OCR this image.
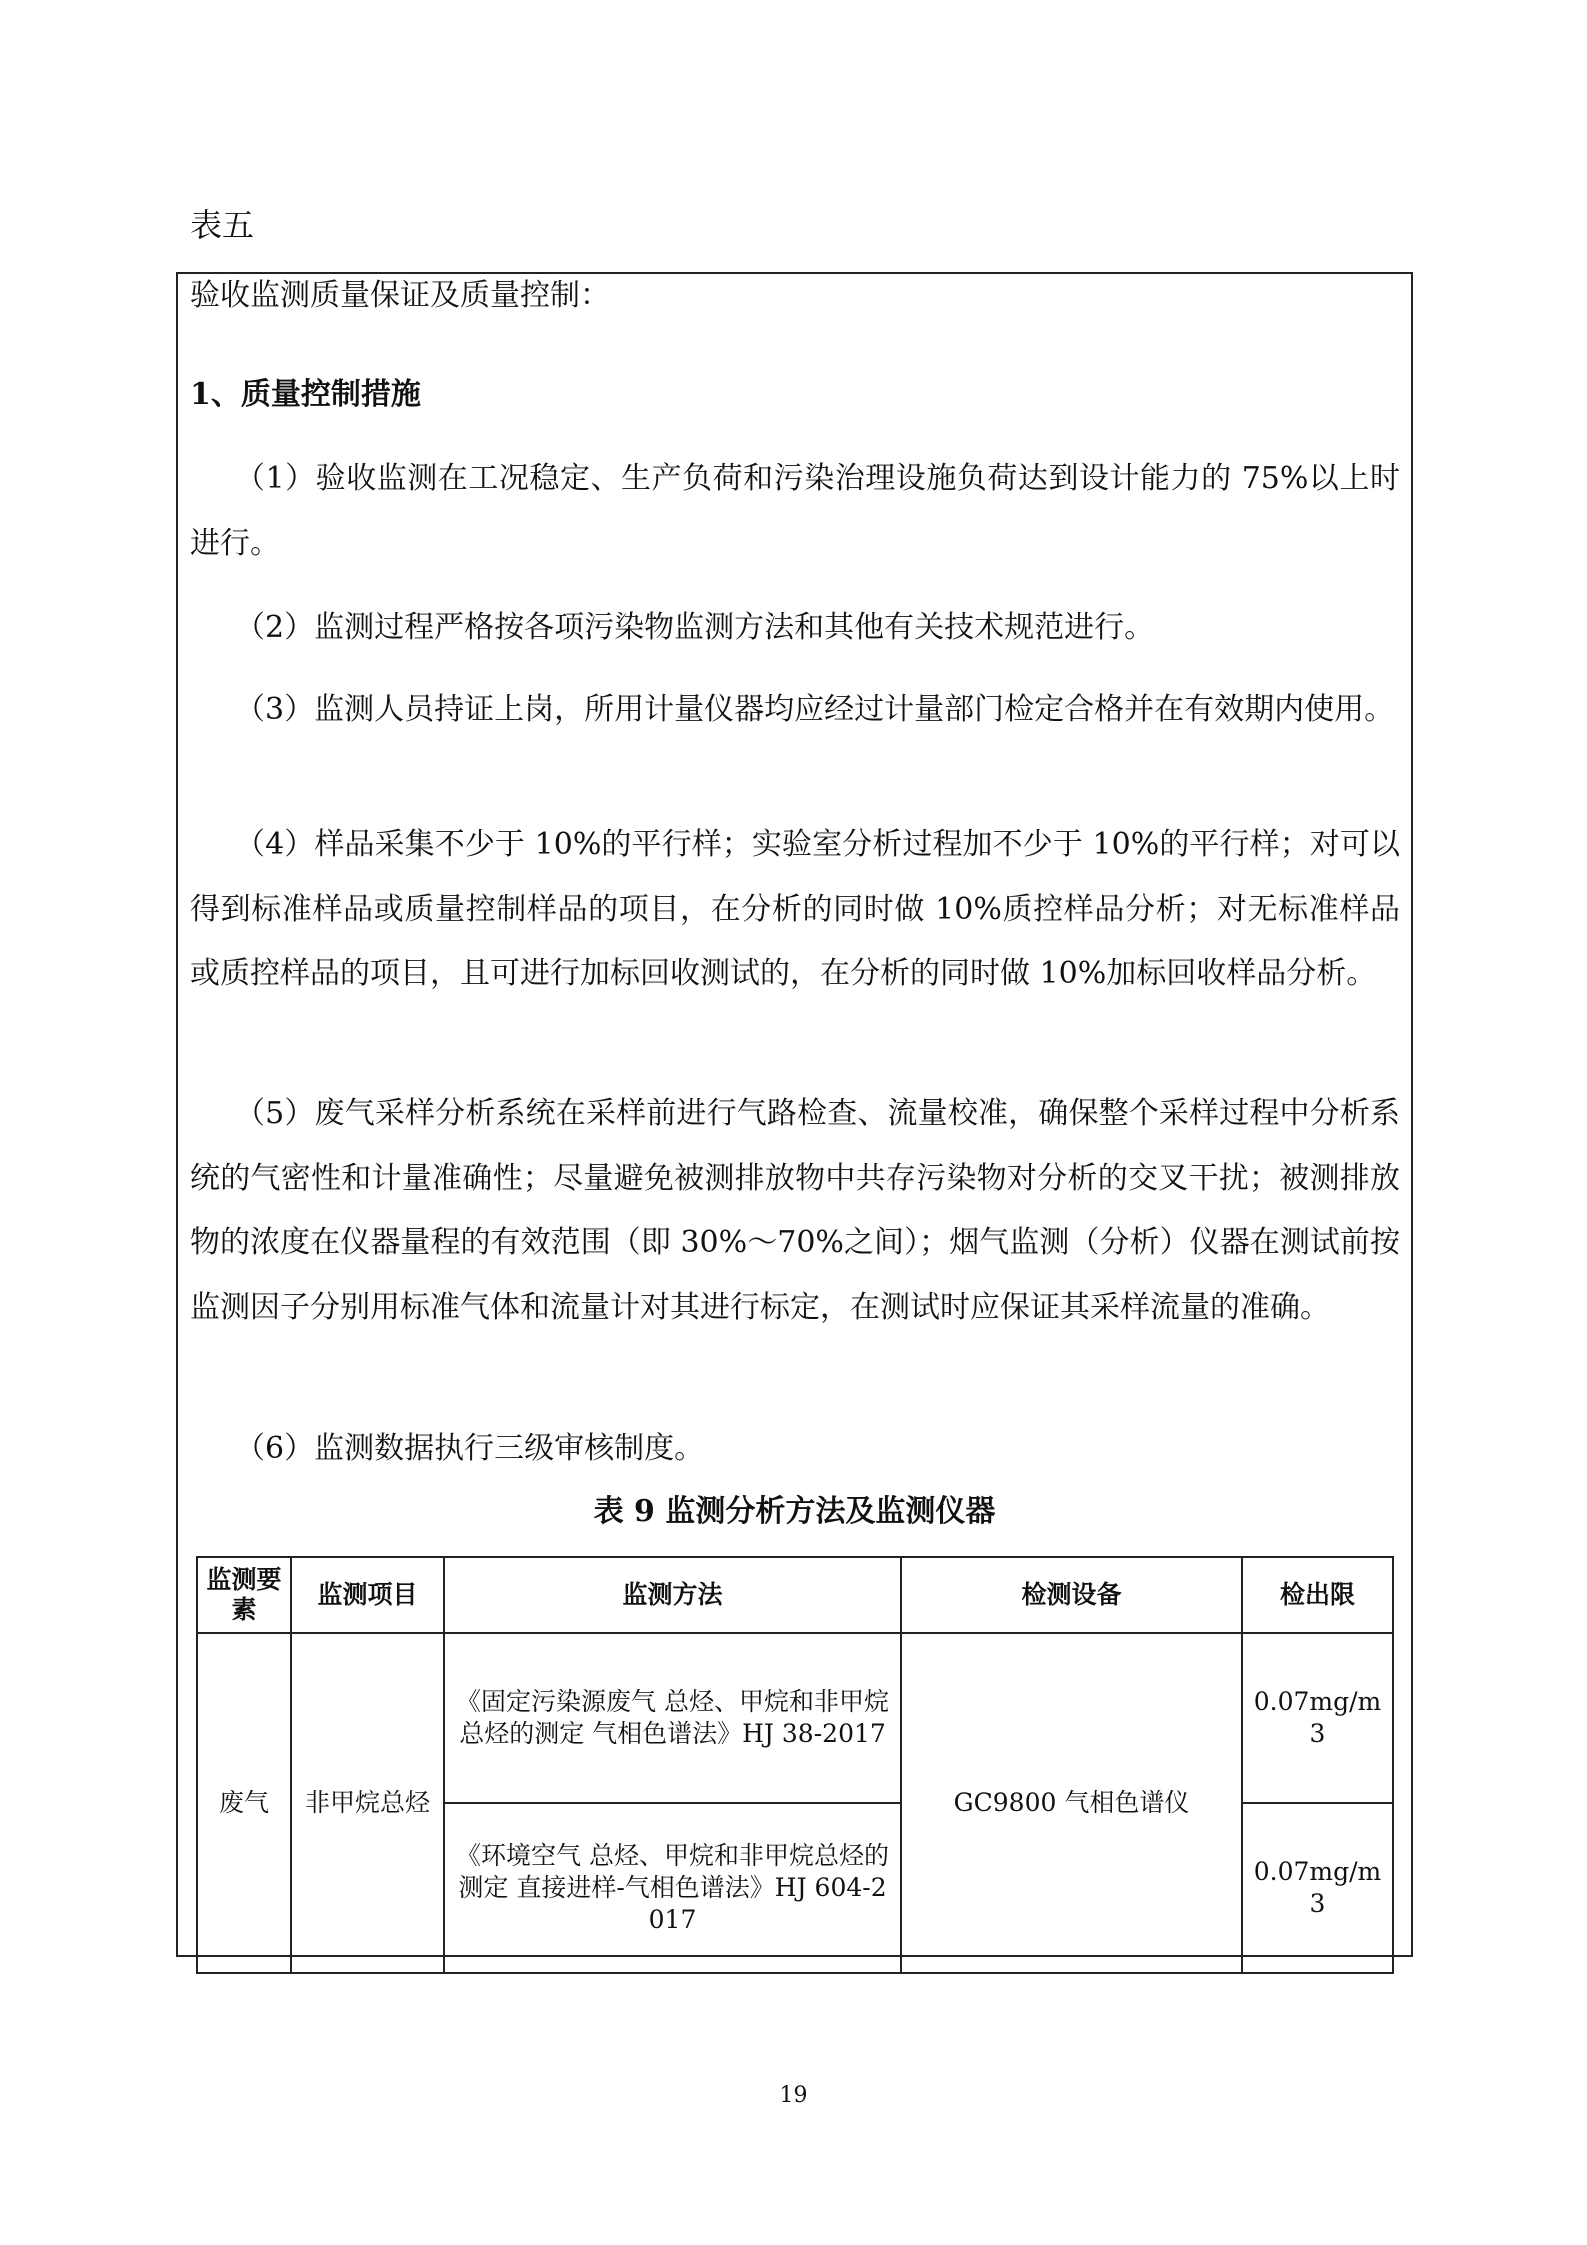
表五
验收监测质量保证及质量控制：
1、质量控制措施

（1）验收监测在工况稳定、生产负荷和污染治理设施负荷达到设计能力的 75%以上时进行。

（2）监测过程严格按各项污染物监测方法和其他有关技术规范进行。

（3）监测人员持证上岗，所用计量仪器均应经过计量部门检定合格并在有效期内使用。

（4）样品采集不少于 10%的平行样；实验室分析过程加不少于 10%的平行样；对可以得到标准样品或质量控制样品的项目，在分析的同时做 10%质控样品分析；对无标准样品或质控样品的项目，且可进行加标回收测试的，在分析的同时做 10%加标回收样品分析。

（5）废气采样分析系统在采样前进行气路检查、流量校准，确保整个采样过程中分析系统的气密性和计量准确性；尽量避免被测排放物中共存污染物对分析的交叉干扰；被测排放物的浓度在仪器量程的有效范围（即 30%～70%之间）；烟气监测（分析）仪器在测试前按监测因子分别用标准气体和流量计对其进行标定，在测试时应保证其采样流量的准确。

（6）监测数据执行三级审核制度。

表 9 监测分析方法及监测仪器
监测要素	监测项目	监测方法	检测设备	检出限
废气	非甲烷总烃	《固定污染源废气 总烃、甲烷和非甲烷总烃的测定 气相色谱法》HJ 38-2017	GC9800 气相色谱仪	0.07mg/m3
		《环境空气 总烃、甲烷和非甲烷总烃的测定 直接进样-气相色谱法》HJ 604-2017		0.07mg/m3
19
